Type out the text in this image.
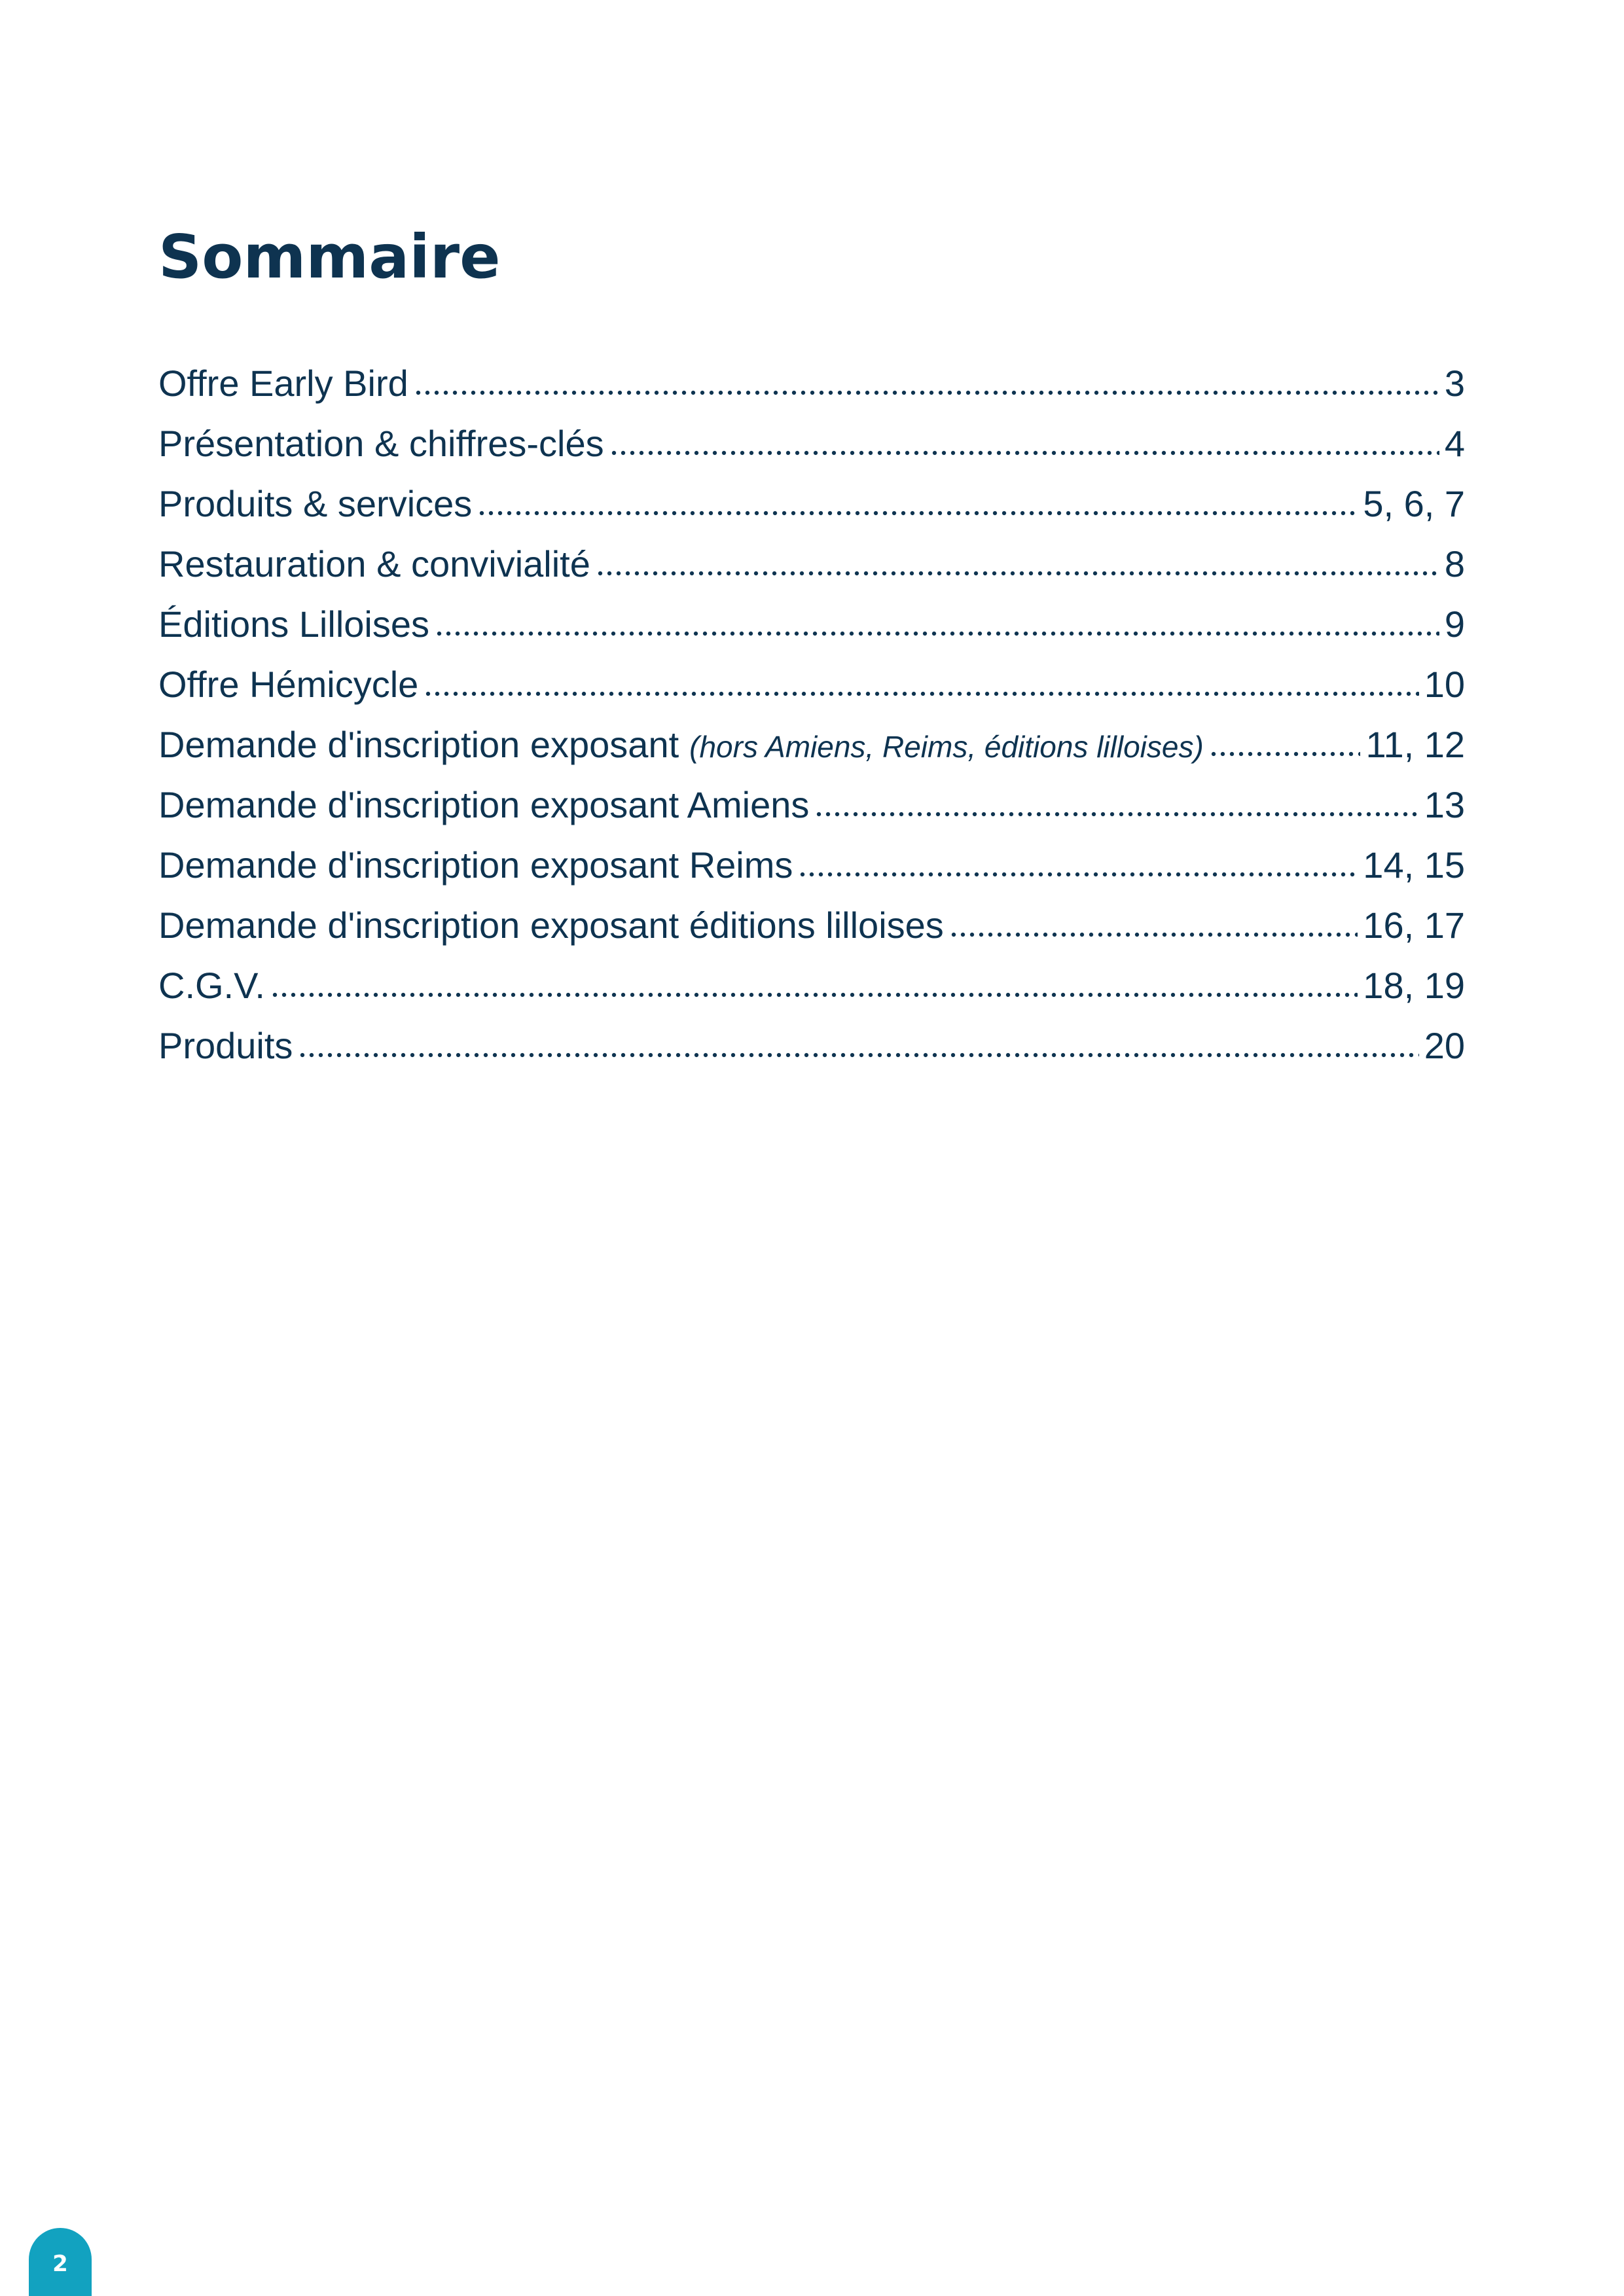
Sommaire
Offre Early Bird	3
Présentation & chiffres-clés	4
Produits & services	5, 6, 7
Restauration & convivialité	8
Éditions Lilloises	9
Offre Hémicycle	10
Demande d'inscription exposant (hors Amiens, Reims, éditions lilloises)	11, 12
Demande d'inscription exposant Amiens	13
Demande d'inscription exposant Reims	14, 15
Demande d'inscription exposant éditions lilloises	16, 17
C.G.V.	18, 19
Produits	20
2
